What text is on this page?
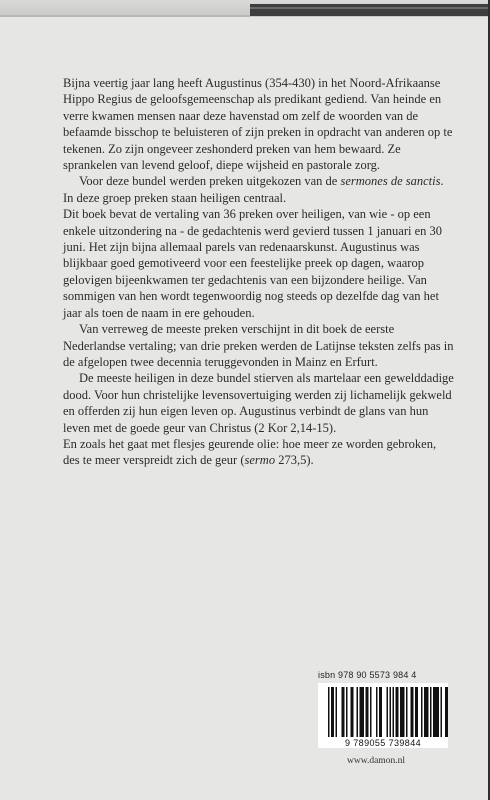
Bijna veertig jaar lang heeft Augustinus (354-430) in het Noord-Afrikaanse Hippo Regius de geloofsgemeenschap als predikant gediend. Van heinde en verre kwamen mensen naar deze havenstad om zelf de woorden van de befaamde bisschop te beluisteren of zijn preken in opdracht van anderen op te tekenen. Zo zijn ongeveer zeshonderd preken van hem bewaard. Ze sprankelen van levend geloof, diepe wijsheid en pastorale zorg.

Voor deze bundel werden preken uitgekozen van de sermones de sanctis. In deze groep preken staan heiligen centraal.

Dit boek bevat de vertaling van 36 preken over heiligen, van wie - op een enkele uitzondering na - de gedachtenis werd gevierd tussen 1 januari en 30 juni. Het zijn bijna allemaal parels van redenaarskunst. Augustinus was blijkbaar goed gemotiveerd voor een feestelijke preek op dagen, waarop gelovigen bijeenkwamen ter gedachtenis van een bijzondere heilige. Van sommigen van hen wordt tegenwoordig nog steeds op dezelfde dag van het jaar als toen de naam in ere gehouden.

Van verreweg de meeste preken verschijnt in dit boek de eerste Nederlandse vertaling; van drie preken werden de Latijnse teksten zelfs pas in de afgelopen twee decennia teruggevonden in Mainz en Erfurt.

De meeste heiligen in deze bundel stierven als martelaar een gewelddadige dood. Voor hun christelijke levensovertuiging werden zij lichamelijk gekweld en offerden zij hun eigen leven op. Augustinus verbindt de glans van hun leven met de goede geur van Christus (2 Kor 2,14-15).

En zoals het gaat met flesjes geurende olie: hoe meer ze worden gebroken, des te meer verspreidt zich de geur (sermo 273,5).

isbn 978 90 5573 984 4
9 789055 739844
www.damon.nl
